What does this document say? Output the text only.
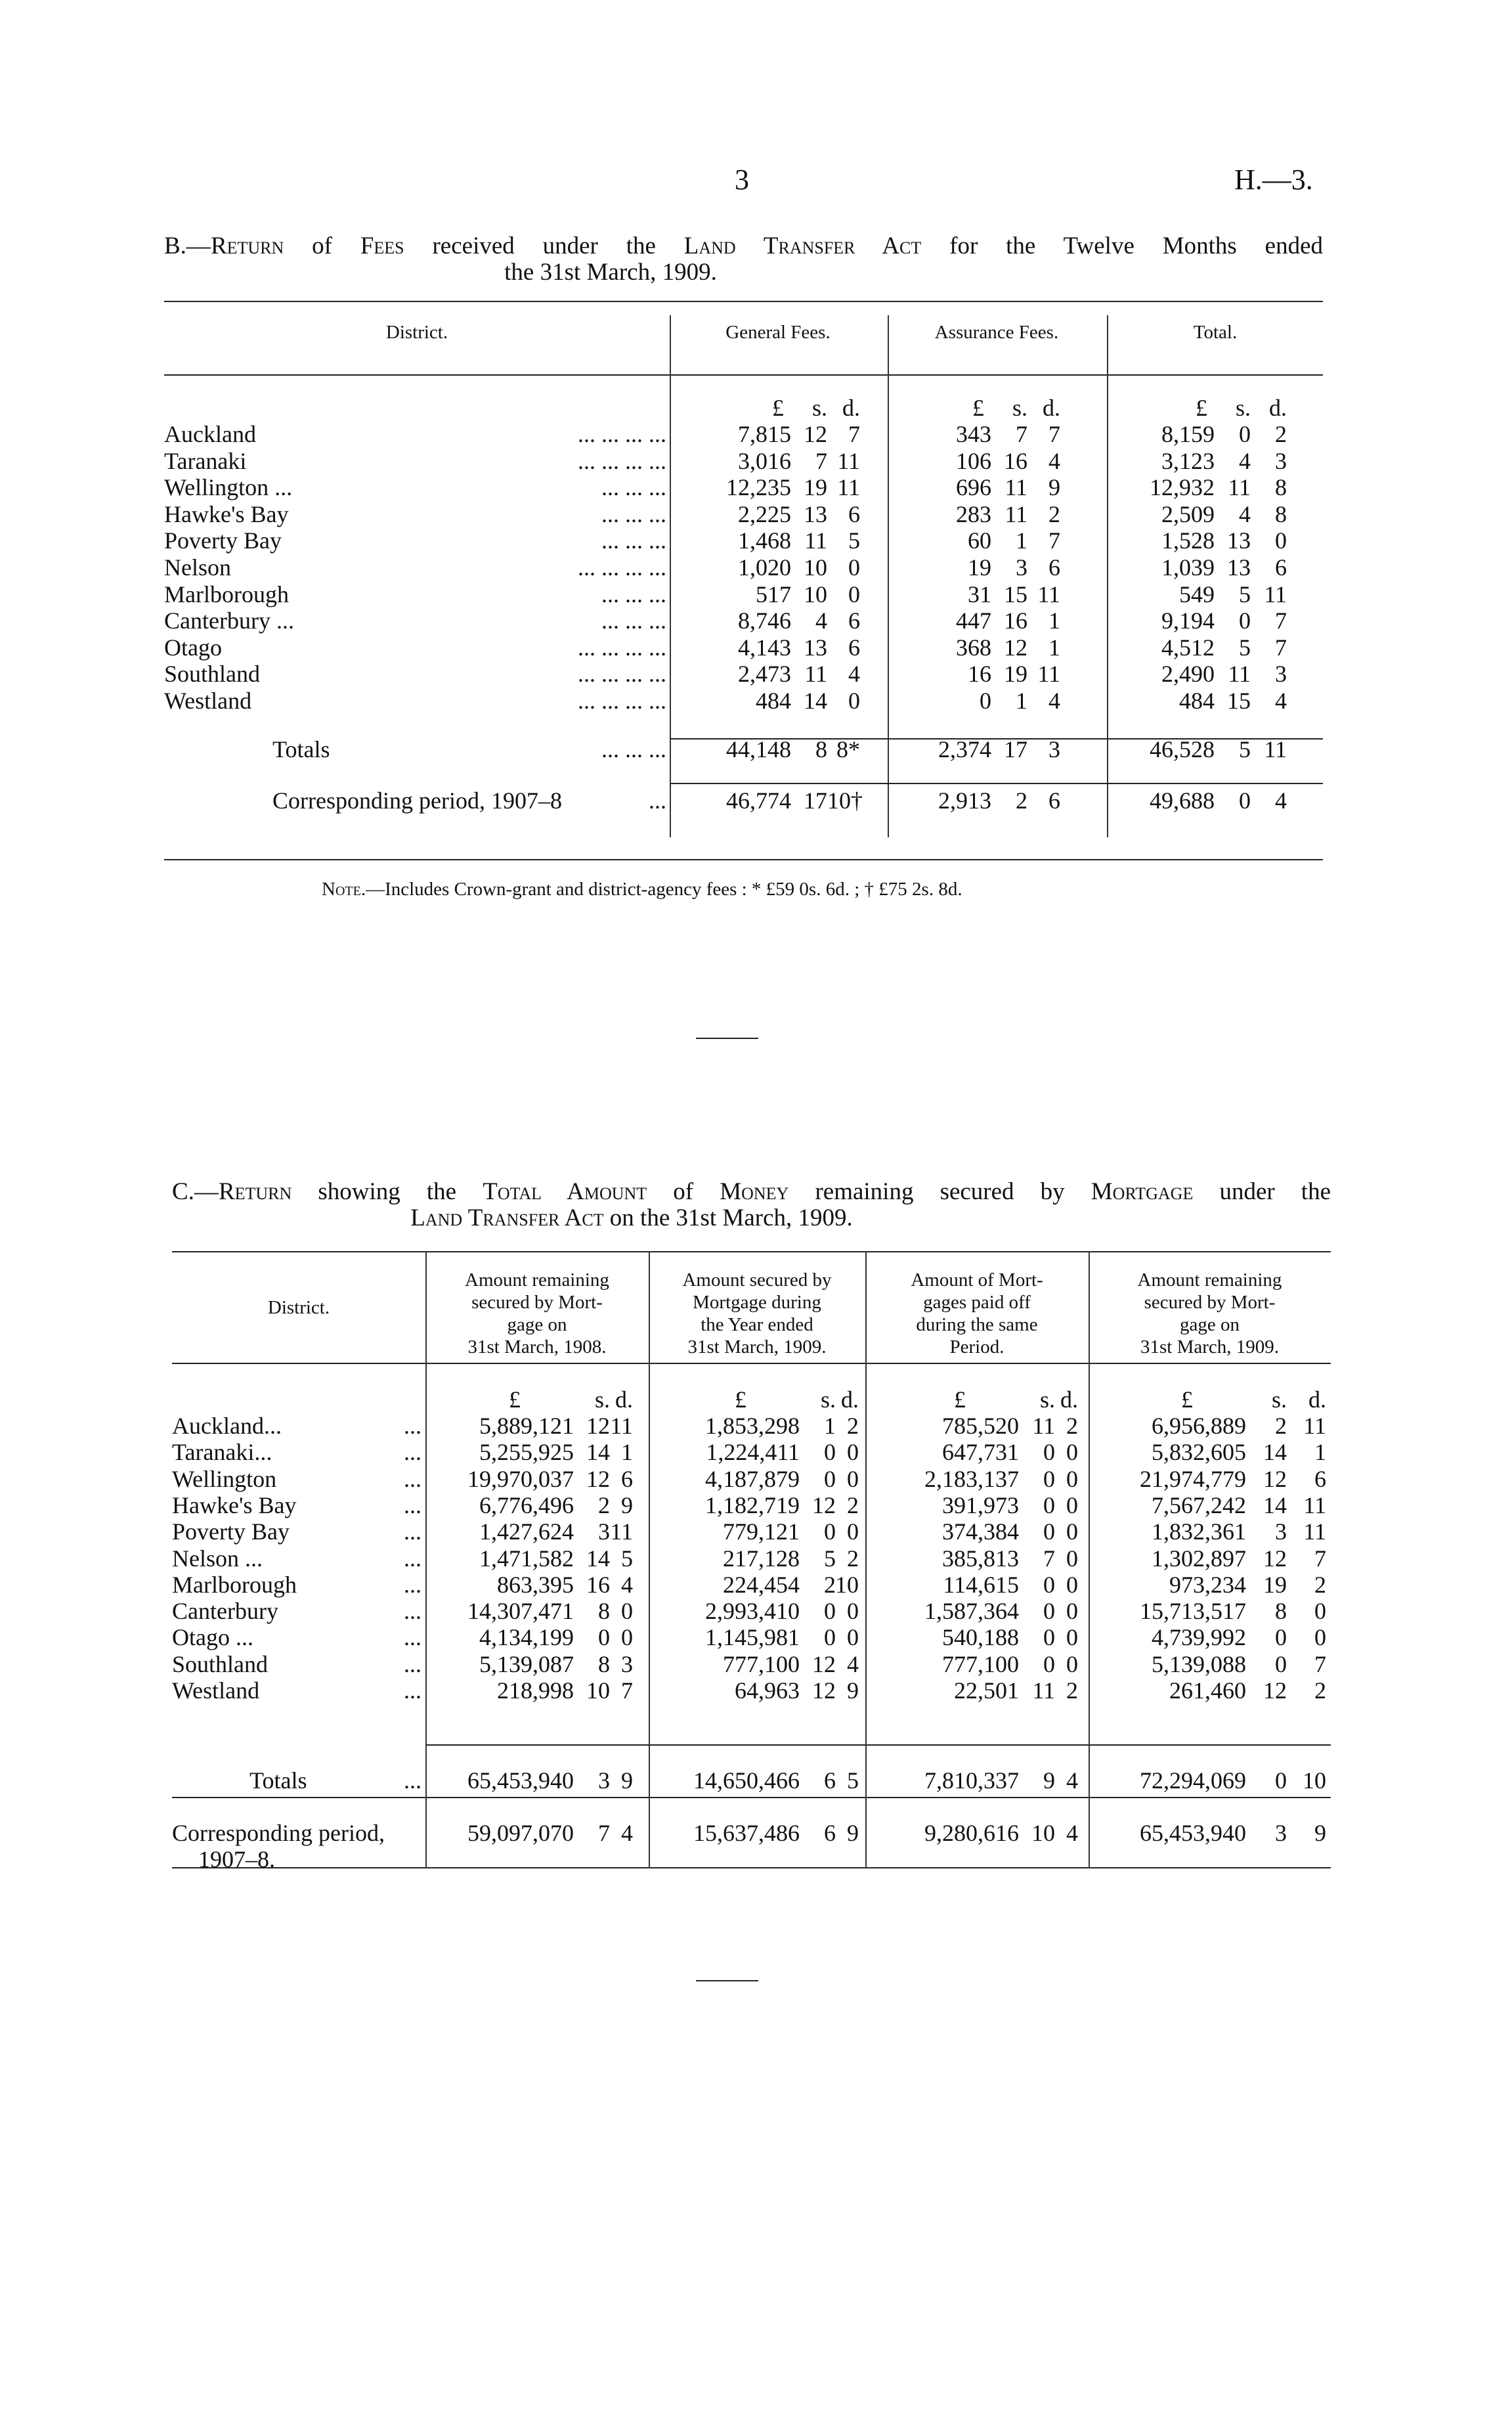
3	H.—3.
B.—Return of Fees received under the Land Transfer Act for the Twelve Months ended
the 31st March, 1909.
District.	General Fees.	Assurance Fees.	Total.
£	s. d.	£	s. d.	£	s. d.
Auckland	... ... ... ...	7,815 12 7	343	7 7	8,159	0	2
Taranaki	... ... ... ...	3,016	7 11	106 16 4	3,123	4	3
Wellington ...	... ... ...	12,235 19 11	696 11 9	12,932 11	8
Hawke's Bay	... ... ...	2,225 13 6	283 11 2	2,509	4	8
Poverty Bay	... ... ...	1,468 11 5	60	1 7	1,528 13	0
Nelson	... ... ... ...	1,020 10 0	19	3 6	1,039 13	6
Marlborough	... ... ...	517 10 0	31 15 11	549	5 11
Canterbury ...	... ... ...	8,746	4 6	447 16 1	9,194	0	7
Otago	... ... ... ...	4,143 13 6	368 12 1	4,512	5	7
Southland	... ... ... ...	2,473 11 4	16 19 11	2,490 11	3
Westland	... ... ... ...	484 14 0	0	1 4	484 15	4
Totals	... ... ...	44,148	8 8*	2,374 17 3	46,528	5 11
Corresponding period, 1907–8	...	46,774 17 10†	2,913	2 6	49,688	0	4
Note.—Includes Crown-grant and district-agency fees : * £59 0s. 6d. ; † £75 2s. 8d.
C.—Return showing the Total Amount of Money remaining secured by Mortgage under the
Land Transfer Act on the 31st March, 1909.
District.
Amount remaining
secured by Mort-
gage on
31st March, 1908.
Amount secured by
Mortgage during
the Year ended
31st March, 1909.
Amount of Mort-
gages paid off
during the same
Period.
Amount remaining
secured by Mort-
gage on
31st March, 1909.
£	s. d.	£	s. d.	£	s. d.	£	s. d.
Auckland...	...	5,889,121 12 11	1,853,298	1 2	785,520 11 2	6,956,889	2 11
Taranaki...	...	5,255,925 14 1	1,224,411	0 0	647,731	0 0	5,832,605 14	1
Wellington	...	19,970,037 12 6	4,187,879	0 0	2,183,137	0 0	21,974,779 12	6
Hawke's Bay	...	6,776,496	2 9	1,182,719 12 2	391,973	0 0	7,567,242 14 11
Poverty Bay	...	1,427,624	3 11	779,121	0 0	374,384	0 0	1,832,361	3 11
Nelson ...	...	1,471,582 14 5	217,128	5 2	385,813	7 0	1,302,897 12	7
Marlborough	...	863,395 16 4	224,454	2 10	114,615	0 0	973,234 19	2
Canterbury	...	14,307,471	8 0	2,993,410	0 0	1,587,364	0 0	15,713,517	8	0
Otago ...	...	4,134,199	0 0	1,145,981	0 0	540,188	0 0	4,739,992	0	0
Southland	...	5,139,087	8 3	777,100 12 4	777,100	0 0	5,139,088	0	7
Westland	...	218,998 10 7	64,963 12 9	22,501 11 2	261,460 12	2
Totals	...	65,453,940	3 9	14,650,466	6 5	7,810,337	9 4	72,294,069	0 10
Corresponding period,	59,097,070	7 4	15,637,486	6 9	9,280,616 10 4	65,453,940	3	9
1907–8.
